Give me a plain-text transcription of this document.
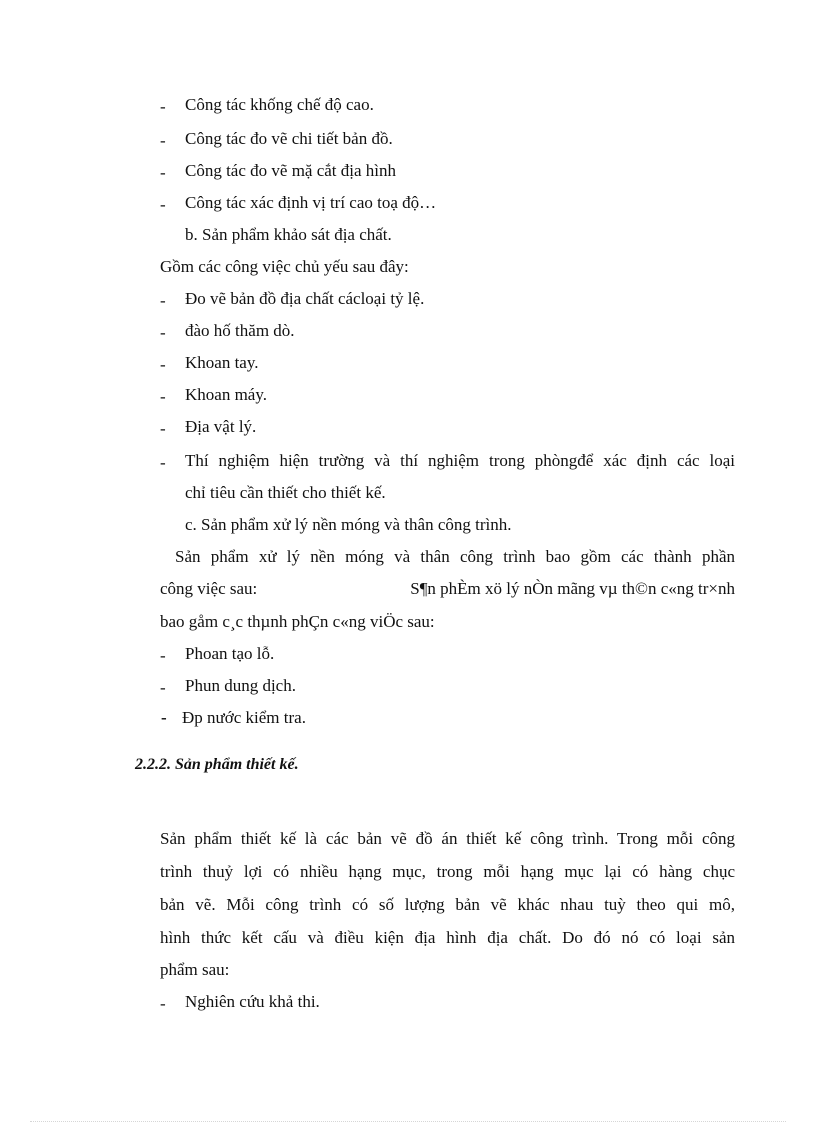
-	Công tác khống chế độ cao.
-	Công tác đo vẽ chi tiết bản đồ.
-	Công tác đo vẽ mặ cắt địa hình
-	Công tác xác định vị trí cao toạ độ…
b. Sản phẩm khảo sát địa chất.
Gồm các công việc chủ yếu sau đây:
-	Đo vẽ bản đồ địa chất cácloại tỷ lệ.
-	đào hố thăm dò.
-	Khoan tay.
-	Khoan máy.
-	Địa vật lý.
-	Thí nghiệm hiện trường và thí nghiệm trong phòngđể xác định các loại
chỉ tiêu cần thiết cho thiết kế.
c. Sản phẩm xử lý nền móng và thân công trình.
Sản phẩm xử lý nền móng và thân công trình bao gồm các thành phần
công việc sau:	S¶n phÈm xö lý nÒn mãng vµ th©n c«ng tr×nh
bao gåm c¸c thµnh phÇn c«ng viÖc sau:
-	Phoan tạo lỗ.
-	Phun dung dịch.
- Đp nước kiểm tra.
2.2.2. Sản phẩm thiết kế.
Sản phẩm thiết kế là các bản vẽ đồ án thiết kế công trình. Trong mỗi công
trình thuỷ lợi có nhiều hạng mục, trong mỗi hạng mục lại có hàng chục
bản vẽ. Mỗi công trình có số lượng bản vẽ khác nhau tuỳ theo qui mô,
hình thức kết cấu và điều kiện địa hình địa chất. Do đó nó có loại sản
phẩm sau:
-	Nghiên cứu khả thi.
